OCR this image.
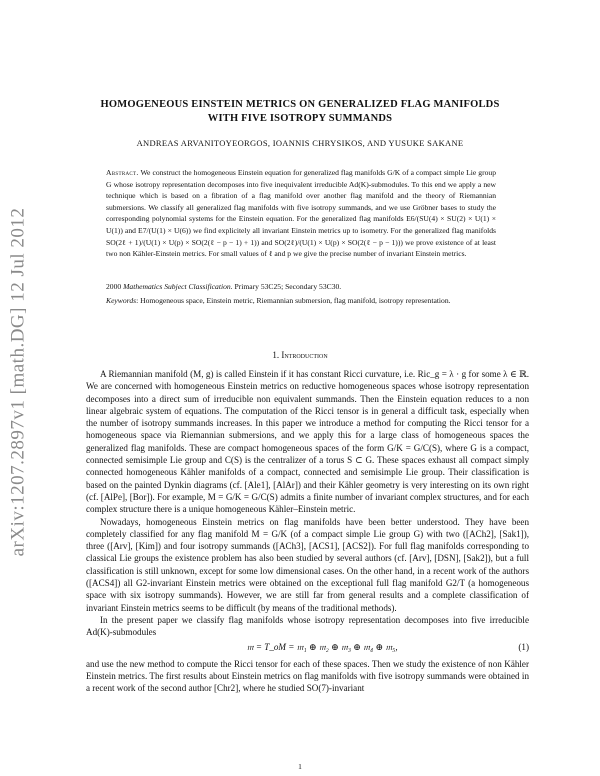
arXiv:1207.2897v1 [math.DG] 12 Jul 2012
HOMOGENEOUS EINSTEIN METRICS ON GENERALIZED FLAG MANIFOLDS
WITH FIVE ISOTROPY SUMMANDS
ANDREAS ARVANITOYEORGOS, IOANNIS CHRYSIKOS, AND YUSUKE SAKANE
Abstract. We construct the homogeneous Einstein equation for generalized flag manifolds G/K of a compact simple Lie group G whose isotropy representation decomposes into five inequivalent irreducible Ad(K)-submodules. To this end we apply a new technique which is based on a fibration of a flag manifold over another flag manifold and the theory of Riemannian submersions. We classify all generalized flag manifolds with five isotropy summands, and we use Gröbner bases to study the corresponding polynomial systems for the Einstein equation. For the generalized flag manifolds E6/(SU(4) × SU(2) × U(1) × U(1)) and E7/(U(1) × U(6)) we find explicitely all invariant Einstein metrics up to isometry. For the generalized flag manifolds SO(2ℓ + 1)/(U(1) × U(p) × SO(2(ℓ − p − 1) + 1)) and SO(2ℓ)/(U(1) × U(p) × SO(2(ℓ − p − 1))) we prove existence of at least two non Kähler-Einstein metrics. For small values of ℓ and p we give the precise number of invariant Einstein metrics.
2000 Mathematics Subject Classification. Primary 53C25; Secondary 53C30.
Keywords: Homogeneous space, Einstein metric, Riemannian submersion, flag manifold, isotropy representation.
1. Introduction

A Riemannian manifold (M, g) is called Einstein if it has constant Ricci curvature, i.e. Ric_g = λ · g for some λ ∈ ℝ. We are concerned with homogeneous Einstein metrics on reductive homogeneous spaces whose isotropy representation decomposes into a direct sum of irreducible non equivalent summands. Then the Einstein equation reduces to a non linear algebraic system of equations. The computation of the Ricci tensor is in general a difficult task, especially when the number of isotropy summands increases. In this paper we introduce a method for computing the Ricci tensor for a homogeneous space via Riemannian submersions, and we apply this for a large class of homogeneous spaces the generalized flag manifolds. These are compact homogeneous spaces of the form G/K = G/C(S), where G is a compact, connected semisimple Lie group and C(S) is the centralizer of a torus S ⊂ G. These spaces exhaust all compact simply connected homogeneous Kähler manifolds of a compact, connected and semisimple Lie group. Their classification is based on the painted Dynkin diagrams (cf. [Ale1], [AlAr]) and their Kähler geometry is very interesting on its own right (cf. [AlPe], [Bor]). For example, M = G/K = G/C(S) admits a finite number of invariant complex structures, and for each complex structure there is a unique homogeneous Kähler–Einstein metric.

Nowadays, homogeneous Einstein metrics on flag manifolds have been better understood. They have been completely classified for any flag manifold M = G/K (of a compact simple Lie group G) with two ([ACh2], [Sak1]), three ([Arv], [Kim]) and four isotropy summands ([ACh3], [ACS1], [ACS2]). For full flag manifolds corresponding to classical Lie groups the existence problem has also been studied by several authors (cf. [Arv], [DSN], [Sak2]), but a full classification is still unknown, except for some low dimensional cases. On the other hand, in a recent work of the authors ([ACS4]) all G2-invariant Einstein metrics were obtained on the exceptional full flag manifold G2/T (a homogeneous space with six isotropy summands). However, we are still far from general results and a complete classification of invariant Einstein metrics seems to be difficult (by means of the traditional methods).

In the present paper we classify flag manifolds whose isotropy representation decomposes into five irreducible Ad(K)-submodules

𝔪 = T_oM = 𝔪₁ ⊕ 𝔪₂ ⊕ 𝔪₃ ⊕ 𝔪₄ ⊕ 𝔪₅,	(1)

and use the new method to compute the Ricci tensor for each of these spaces. Then we study the existence of non Kähler Einstein metrics. The first results about Einstein metrics on flag manifolds with five isotropy summands were obtained in a recent work of the second author [Chr2], where he studied SO(7)-invariant

1
